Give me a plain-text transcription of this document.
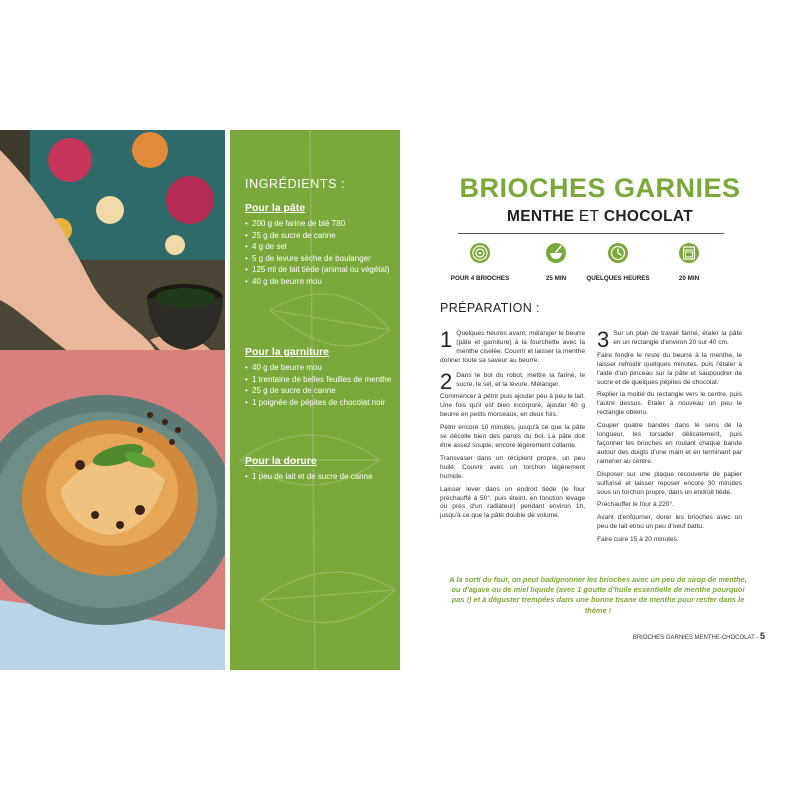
INGRÉDIENTS :
Pour la pâte
• 200 g de farine de blé T80
• 25 g de sucre de canne
• 4 g de sel
• 5 g de levure sèche de boulanger
• 125 ml de lait tiède (animal ou végétal)
• 40 g de beurre mou
Pour la garniture
• 40 g de beurre mou
• 1 trentaine de belles feuilles de menthe
• 25 g de sucre de canne
• 1 poignée de pépites de chocolat noir
Pour la dorure
• 1 peu de lait et de sucre de canne
BRIOCHES GARNIES
MENTHE ET CHOCOLAT
POUR 4 BRIOCHES	25 MIN	QUELQUES HEURES	20 MIN
PRÉPARATION :
1 Quelques heures avant, mélanger le beurre (pâte et garniture) à la fourchette avec la menthe ciselée. Couvrir et laisser la menthe donner toute sa saveur au beurre.

2 Dans le bol du robot, mettre la farine, le sucre, le sel, et la levure. Mélanger.

Commencer à pétrir puis ajouter peu à peu le lait. Une fois qu'il est bien incorporé, ajouter 40 g beurre en petits morceaux, en deux fois.

Pétrir encore 10 minutes, jusqu'à ce que la pâte se décolle bien des parois du bol. La pâte doit être assez souple, encore légèrement collante.

Transvaser dans un récipient propre, un peu huilé. Couvrir avec un torchon légèrement humide.

Laisser lever dans un endroit tiède (le four préchauffé à 50°, puis éteint, en fonction levage ou près d'un radiateur) pendant environ 1h, jusqu'à ce que la pâte double de volume.

3 Sur un plan de travail fariné, étaler la pâte en un rectangle d'environ 20 sur 40 cm.

Faire fondre le reste du beurre à la menthe, le laisser refroidir quelques minutes, puis l'étaler à l'aide d'un pinceau sur la pâte et saupoudrer de sucre et de quelques pépites de chocolat.

Replier la moitié du rectangle vers le centre, puis l'autre dessus. Etaler à nouveau un peu le rectangle obtenu.

Couper quatre bandes dans le sens de la longueur, les torsader délicatement, puis façonner les brioches en roulant chaque bande autour des doigts d'une main et en terminant par ramener au centre.

Disposer sur une plaque recouverte de papier sulfurisé et laisser reposer encore 30 minutes sous un torchon propre, dans un endroit tiède.

Préchauffer le four à 220°.

Avant d'enfourner, dorer les brioches avec un peu de lait et/ou un peu d'oeuf battu.

Faire cuire 15 à 20 minutes.

A la sorti du four, on peut badigeonner les brioches avec un peu de sirop de menthe, ou d'agave ou de miel liquide (avec 1 goutte d'huile essentielle de menthe pourquoi pas !) et à déguster trempées dans une bonne tisane de menthe pour rester dans le thème !
BRIOCHES GARNIES MENTHE-CHOCOLAT - 5
